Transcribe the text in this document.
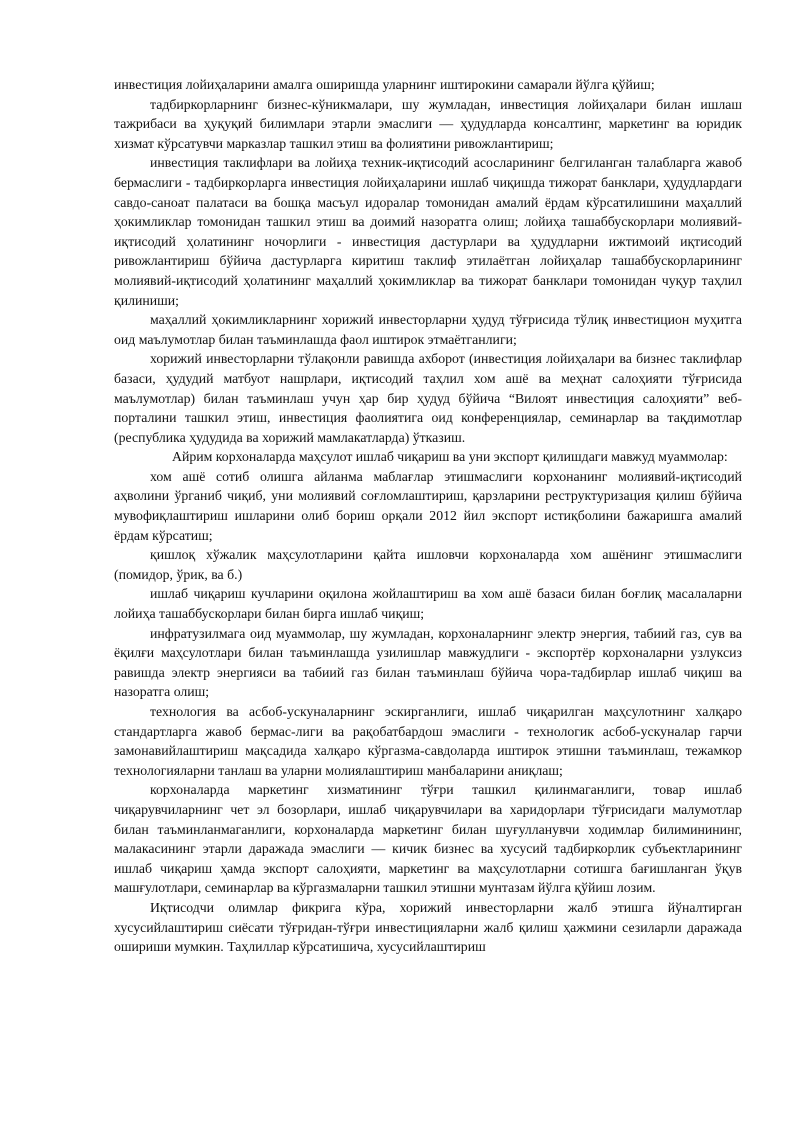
инвестиция лойиҳаларини амалга оширишда уларнинг иштирокини самарали йўлга қўйиш;

тадбиркорларнинг бизнес-кўникмалари, шу жумладан, инвестиция лойиҳалари билан ишлаш тажрибаси ва ҳуқуқий билимлари этарли эмаслиги — ҳудудларда консалтинг, маркетинг ва юридик хизмат кўрсатувчи марказлар ташкил этиш ва фолиятини ривожлантириш;

инвестиция таклифлари ва лойиҳа техник-иқтисодий асосларининг белгиланган талабларга жавоб бермаслиги - тадбиркорларга инвестиция лойиҳаларини ишлаб чиқишда тижорат банклари, ҳудудлардаги савдо-саноат палатаси ва бошқа масъул идоралар томонидан амалий ёрдам кўрсатилишини маҳаллий ҳокимликлар томонидан ташкил этиш ва доимий назоратга олиш; лойиҳа ташаббускорлари молиявий-иқтисодий ҳолатининг ночорлиги - инвестиция дастурлари ва ҳудудларни ижтимоий иқтисодий ривожлантириш бўйича дастурларга киритиш таклиф этилаётган лойиҳалар ташаббускорларининг молиявий-иқтисодий ҳолатининг маҳаллий ҳокимликлар ва тижорат банклари томонидан чуқур таҳлил қилиниши;

маҳаллий ҳокимликларнинг хорижий инвесторларни ҳудуд тўғрисида тўлиқ инвестицион муҳитга оид маълумотлар билан таъминлашда фаол иштирок этмаётганлиги;

хорижий инвесторларни тўлақонли равишда ахборот (инвестиция лойиҳалари ва бизнес таклифлар базаси, ҳудудий матбуот нашрлари, иқтисодий таҳлил хом ашё ва меҳнат салоҳияти тўғрисида маълумотлар) билан таъминлаш учун ҳар бир ҳудуд бўйича “Вилоят инвестиция салоҳияти” веб-порталини ташкил этиш, инвестиция фаолиятига оид конференциялар, семинарлар ва тақдимотлар (республика ҳудудида ва хорижий мамлакатларда) ўтказиш.

Айрим корхоналарда маҳсулот ишлаб чиқариш ва уни экспорт қилишдаги мавжуд муаммолар:

хом ашё сотиб олишга айланма маблағлар этишмаслиги корхонанинг молиявий-иқтисодий аҳволини ўрганиб чиқиб, уни молиявий соғломлаштириш, қарзларини реструктуризация қилиш бўйича мувофиқлаштириш ишларини олиб бориш орқали 2012 йил экспорт истиқболини бажаришга амалий ёрдам кўрсатиш;

қишлоқ хўжалик маҳсулотларини қайта ишловчи корхоналарда хом ашёнинг этишмаслиги (помидор, ўрик, ва б.)

ишлаб чиқариш кучларини оқилона жойлаштириш ва хом ашё базаси билан боғлиқ масалаларни лойиҳа ташаббускорлари билан бирга ишлаб чиқиш;

инфратузилмага оид муаммолар, шу жумладан, корхоналарнинг электр энергия, табиий газ, сув ва ёқилғи маҳсулотлари билан таъминлашда узилишлар мавжудлиги - экспортёр корхоналарни узлуксиз равишда электр энергияси ва табиий газ билан таъминлаш бўйича чора-тадбирлар ишлаб чиқиш ва назоратга олиш;

технология ва асбоб-ускуналарнинг эскирганлиги, ишлаб чиқарилган маҳсулотнинг халқаро стандартларга жавоб бермас-лиги ва рақобатбардош эмаслиги - технологик асбоб-ускуналар гарчи замонавийлаштириш мақсадида халқаро кўргазма-савдоларда иштирок этишни таъминлаш, тежамкор технологияларни танлаш ва уларни молиялаштириш манбаларини аниқлаш;

корхоналарда маркетинг хизматининг тўғри ташкил қилинмаганлиги, товар ишлаб чиқарувчиларнинг чет эл бозорлари, ишлаб чиқарувчилари ва харидорлари тўғрисидаги малумотлар билан таъминланмаганлиги, корхоналарда маркетинг билан шуғулланувчи ходимлар билиминининг, малакасининг этарли даражада эмаслиги — кичик бизнес ва хусусий тадбиркорлик субъектларининг ишлаб чиқариш ҳамда экспорт салоҳияти, маркетинг ва маҳсулотларни сотишга бағишланган ўқув машғулотлари, семинарлар ва кўргазмаларни ташкил этишни мунтазам йўлга қўйиш лозим.

Иқтисодчи олимлар фикрига кўра, хорижий инвесторларни жалб этишга йўналтирган хусусийлаштириш сиёсати тўғридан-тўғри инвестицияларни жалб қилиш ҳажмини сезиларли даражада ошириши мумкин. Таҳлиллар кўрсатишича, хусусийлаштириш
